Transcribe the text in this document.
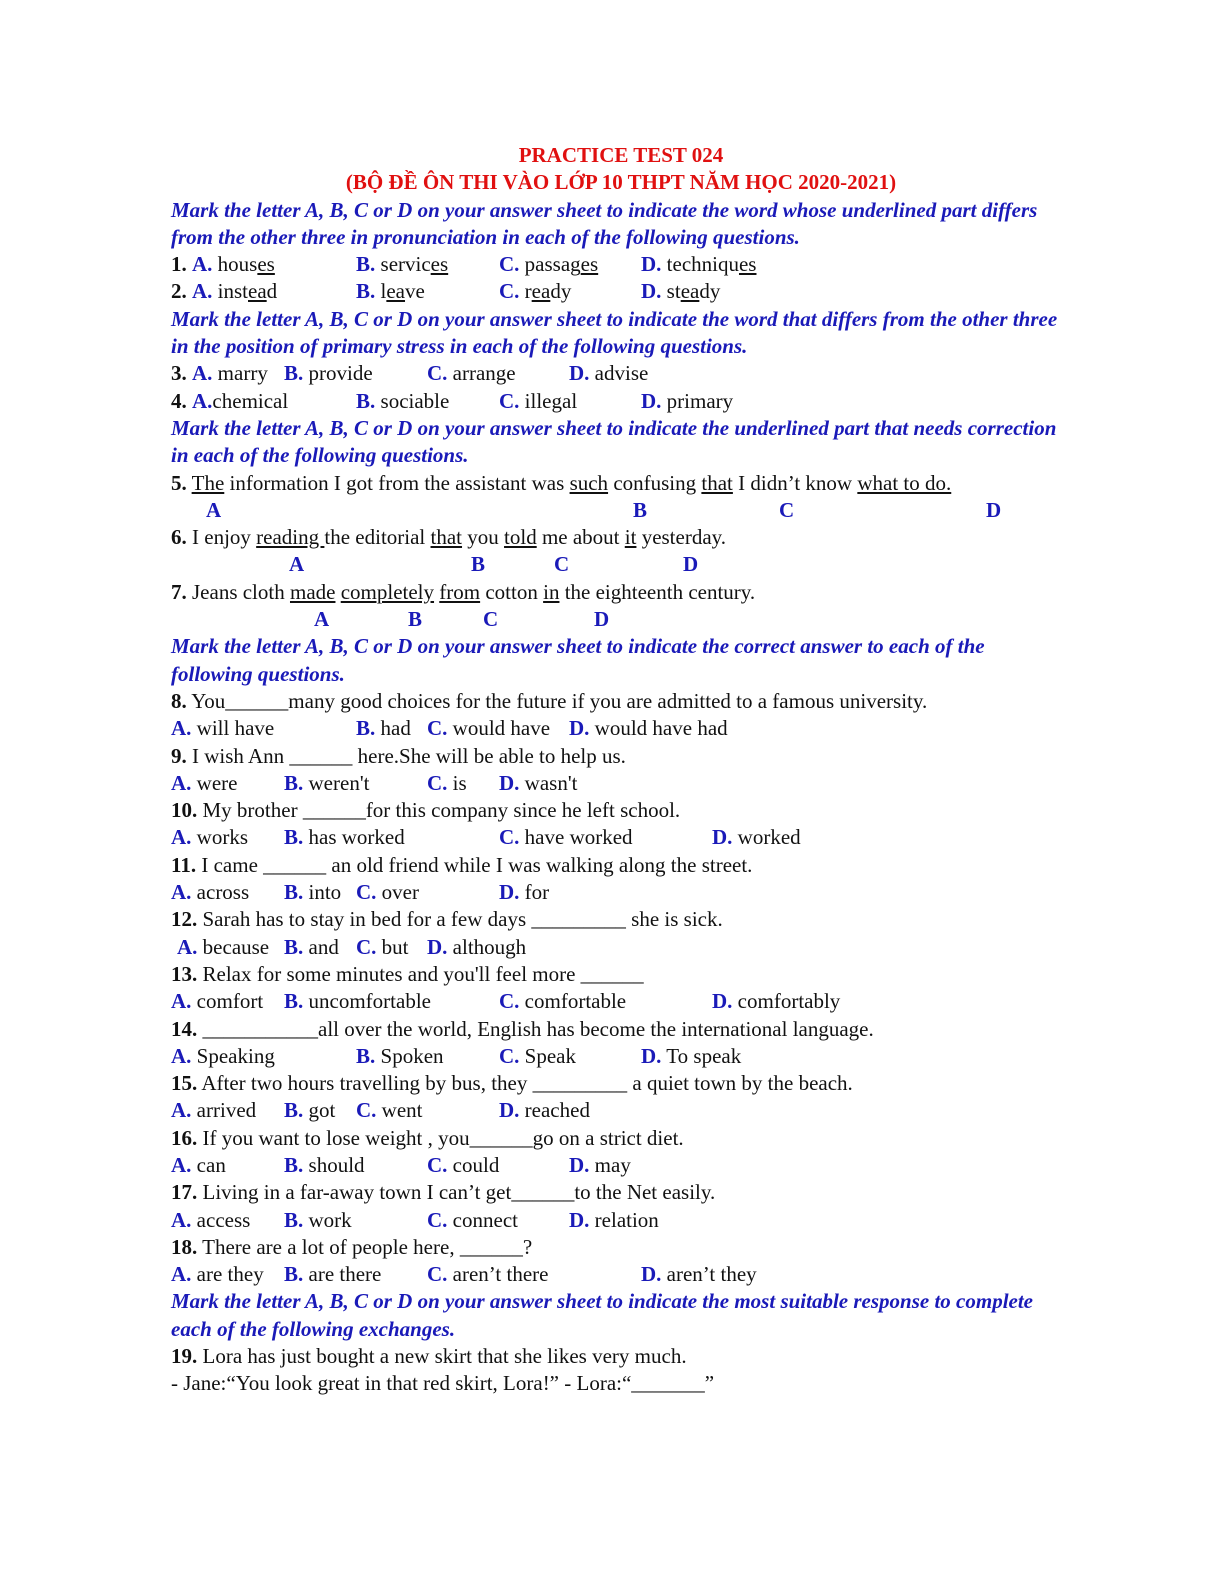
PRACTICE TEST 024
(BỘ ĐỀ ÔN THI VÀO LỚP 10 THPT NĂM HỌC 2020-2021)
Mark the letter A, B, C or D on your answer sheet to indicate the word whose underlined part differs from the other three in pronunciation in each of the following questions.
1. A. houses	B. services C. passages D. techniques
2. A. instead	B. leave	C. ready	D. steady
Mark the letter A, B, C or D on your answer sheet to indicate the word that differs from the other three in the position of primary stress in each of the following questions.
3. A. marry B. provide	C. arrange	D. advise
4. A.chemical	B. sociable C. illegal	D. primary
Mark the letter A, B, C or D on your answer sheet to indicate the underlined part that needs correction in each of the following questions.
5. The information I got from the assistant was such confusing that I didn’t know what to do.
A	B	C	D
6. I enjoy reading the editorial that you told me about it yesterday.
A	B	C	D
7. Jeans cloth made completely from cotton in the eighteenth century.
A	B	C	D
Mark the letter A, B, C or D on your answer sheet to indicate the correct answer to each of the following questions.
8. You______many good choices for the future if you are admitted to a famous university.
A. will have	B. had C. would have D. would have had
9. I wish Ann ______ here.She will be able to help us.
A. were B. weren't	C. is D. wasn't
10. My brother ______for this company since he left school.
A. works B. has worked	C. have worked	D. worked
11. I came ______ an old friend while I was walking along the street.
A. across B. into C. over	D. for
12. Sarah has to stay in bed for a few days _________ she is sick.
A. because B. and C. but D. although
13. Relax for some minutes and you'll feel more ______
A. comfort B. uncomfortable	C. comfortable	D. comfortably
14. ___________all over the world, English has become the international language.
A. Speaking	B. Spoken	C. Speak	D. To speak
15. After two hours travelling by bus, they _________ a quiet town by the beach.
A. arrived B. got C. went	D. reached
16. If you want to lose weight , you______go on a strict diet.
A. can	B. should	C. could	D. may
17. Living in a far-away town I can’t get______to the Net easily.
A. access B. work	C. connect D. relation
18. There are a lot of people here, ______?
A. are they B. are there C. aren’t there	D. aren’t they
Mark the letter A, B, C or D on your answer sheet to indicate the most suitable response to complete each of the following exchanges.
19. Lora has just bought a new skirt that she likes very much.
- Jane:“You look great in that red skirt, Lora!” - Lora:“_______”
